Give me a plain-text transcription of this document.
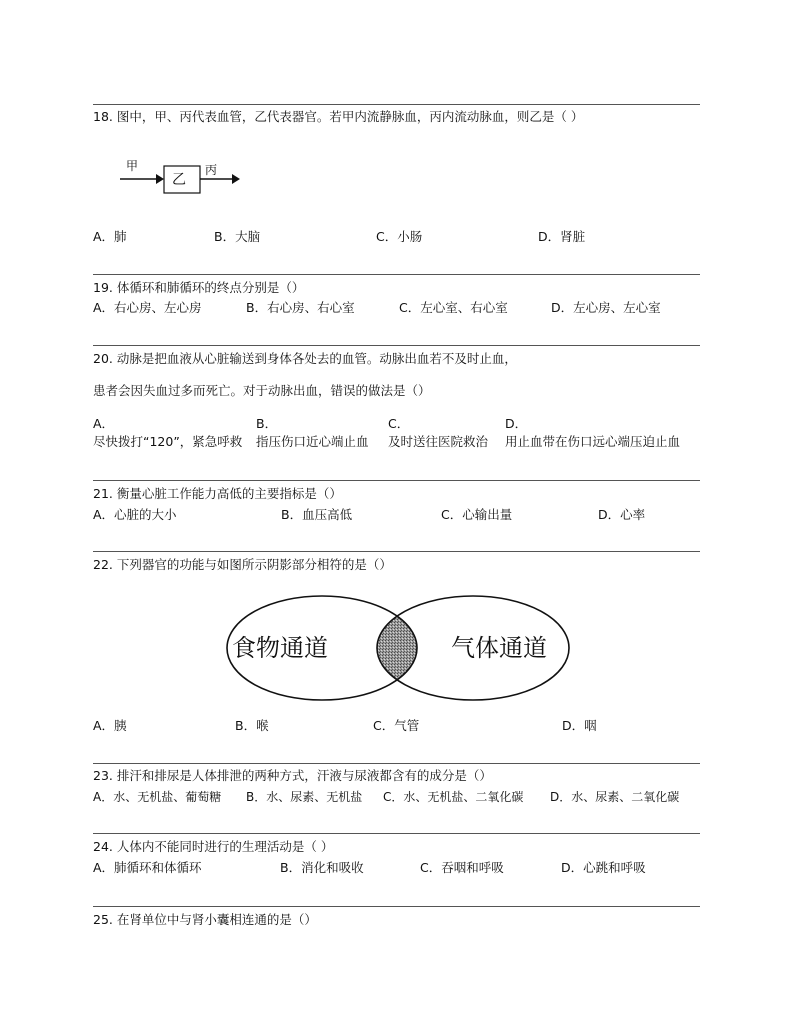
18. 图中，甲、丙代表血管，乙代表器官。若甲内流静脉血，丙内流动脉血，则乙是（ ）
甲
乙
丙
A．肺	B．大脑	C．小肠	D．肾脏
19. 体循环和肺循环的终点分别是（）
A．右心房、左心房	B．右心房、右心室	C．左心室、右心室	D．左心房、左心室
20. 动脉是把血液从心脏输送到身体各处去的血管。动脉出血若不及时止血，
患者会因失血过多而死亡。对于动脉出血，错误的做法是（）
A．	B．	C．	D．
尽快拨打“120”，紧急呼救 指压伤口近心端止血 及时送往医院救治 用止血带在伤口远心端压迫止血
21. 衡量心脏工作能力高低的主要指标是（）
A．心脏的大小	B．血压高低	C．心输出量	D．心率
22. 下列器官的功能与如图所示阴影部分相符的是（）
食物通道	气体通道
A．胰	B．喉	C．气管	D．咽
23. 排汗和排尿是人体排泄的两种方式，汗液与尿液都含有的成分是（）
A．水、无机盐、葡萄糖 B．水、尿素、无机盐 C．水、无机盐、二氧化碳 D．水、尿素、二氧化碳
24. 人体内不能同时进行的生理活动是（ ）
A．肺循环和体循环	B．消化和吸收	C．吞咽和呼吸	D．心跳和呼吸
25. 在肾单位中与肾小囊相连通的是（）
